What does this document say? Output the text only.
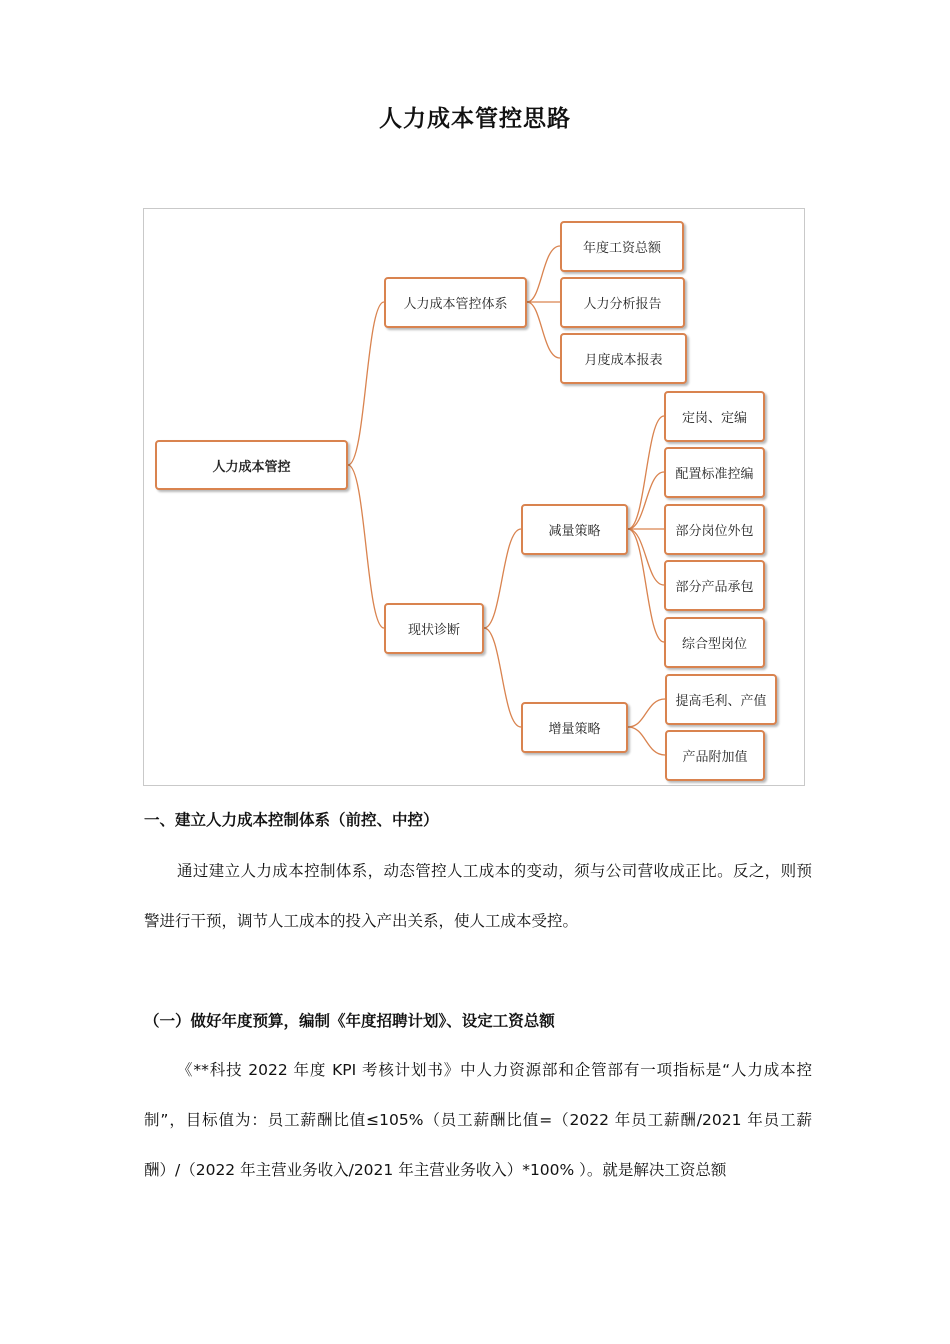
人力成本管控思路
人力成本管控
人力成本管控体系
现状诊断
年度工资总额
人力分析报告
月度成本报表
减量策略
增量策略
定岗、定编
配置标准控编
部分岗位外包
部分产品承包
综合型岗位
提高毛利、产值
产品附加值
一、建立人力成本控制体系（前控、中控）

通过建立人力成本控制体系，动态管控人工成本的变动，须与公司营收成正比。反之，则预警进行干预，调节人工成本的投入产出关系，使人工成本受控。

（一）做好年度预算，编制《年度招聘计划》、设定工资总额

《**科技 2022 年度 KPI 考核计划书》中人力资源部和企管部有一项指标是“人力成本控制”，目标值为：员工薪酬比值≤105%（员工薪酬比值=（2022 年员工薪酬/2021 年员工薪酬）/（2022 年主营业务收入/2021 年主营业务收入）*100% ）。就是解决工资总额
